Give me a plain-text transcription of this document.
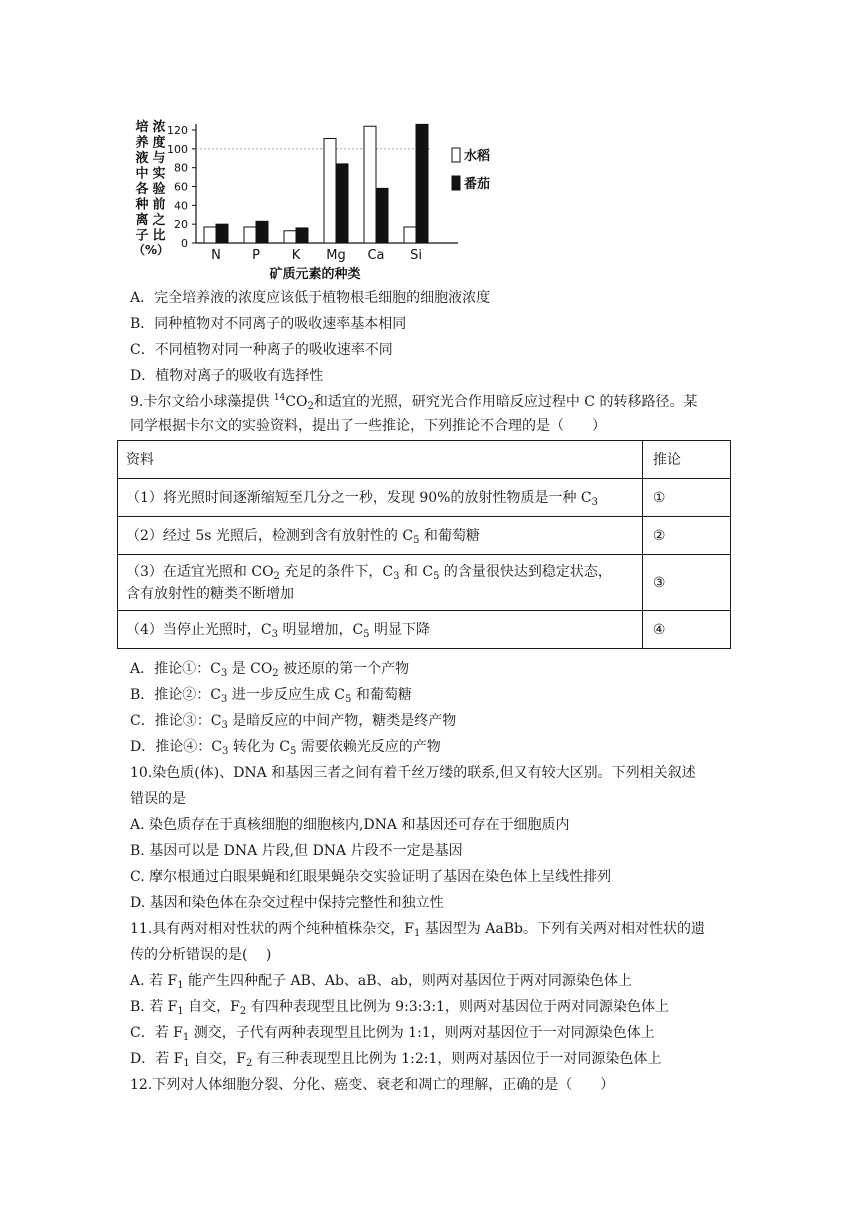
培
养
液
中
各
种
离
子
浓
度
与
实
验
前
之
比
（%）
120
100
80
60
40
20
0
N P K Mg Ca Si
矿质元素的种类
水稻
番茄
A．完全培养液的浓度应该低于植物根毛细胞的细胞液浓度
B．同种植物对不同离子的吸收速率基本相同
C．不同植物对同一种离子的吸收速率不同
D．植物对离子的吸收有选择性
9.卡尔文给小球藻提供 $^{14}CO_2$和适宜的光照，研究光合作用暗反应过程中 C 的转移路径。某
同学根据卡尔文的实验资料，提出了一些推论，下列推论不合理的是（　　）
资料	推论
（1）将光照时间逐渐缩短至几分之一秒，发现 90%的放射性物质是一种 $C_3$	①
（2）经过 5s 光照后，检测到含有放射性的 $C_5$ 和葡萄糖	②
（3）在适宜光照和 $CO_2$ 充足的条件下，$C_3$ 和 $C_5$ 的含量很快达到稳定状态，
含有放射性的糖类不断增加	③
（4）当停止光照时，$C_3$ 明显增加，$C_5$ 明显下降	④
A．推论①：$C_3$ 是 $CO_2$ 被还原的第一个产物
B．推论②：$C_3$ 进一步反应生成 $C_5$ 和葡萄糖
C．推论③：$C_3$ 是暗反应的中间产物，糖类是终产物
D．推论④：$C_3$ 转化为 $C_5$ 需要依赖光反应的产物
10.染色质(体)、DNA 和基因三者之间有着千丝万缕的联系,但又有较大区别。下列相关叙述
错误的是
A. 染色质存在于真核细胞的细胞核内,DNA 和基因还可存在于细胞质内
B. 基因可以是 DNA 片段,但 DNA 片段不一定是基因
C. 摩尔根通过白眼果蝇和红眼果蝇杂交实验证明了基因在染色体上呈线性排列
D. 基因和染色体在杂交过程中保持完整性和独立性
11.具有两对相对性状的两个纯种植株杂交，$F_1$ 基因型为 AaBb。下列有关两对相对性状的遗
传的分析错误的是(　 )
A. 若 $F_1$ 能产生四种配子 AB、Ab、aB、ab，则两对基因位于两对同源染色体上
B. 若 $F_1$ 自交，$F_2$ 有四种表现型且比例为 9:3:3:1，则两对基因位于两对同源染色体上
C．若 $F_1$ 测交，子代有两种表现型且比例为 1:1，则两对基因位于一对同源染色体上
D．若 $F_1$ 自交，$F_2$ 有三种表现型且比例为 1:2:1，则两对基因位于一对同源染色体上
12.下列对人体细胞分裂、分化、癌变、衰老和凋亡的理解，正确的是（　　）
